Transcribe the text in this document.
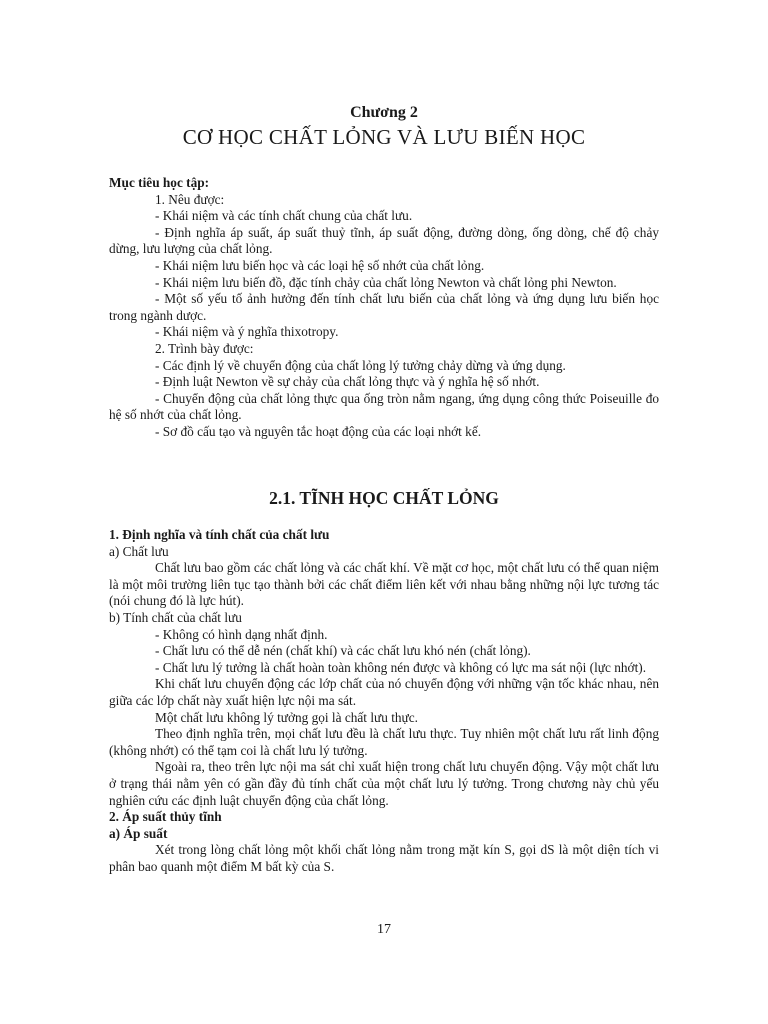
Chương 2
CƠ HỌC CHẤT LỎNG VÀ LƯU BIẾN HỌC

Mục tiêu học tập:

1. Nêu được:

- Khái niệm và các tính chất chung của chất lưu.

- Định nghĩa áp suất, áp suất thuỷ tĩnh, áp suất động, đường dòng, ống dòng, chế độ chảy dừng, lưu lượng của chất lỏng.

- Khái niệm lưu biến học và các loại hệ số nhớt của chất lỏng.

- Khái niệm lưu biến đồ, đặc tính chảy của chất lỏng Newton và chất lỏng phi Newton.

- Một số yếu tố ảnh hưởng đến tính chất lưu biến của chất lỏng và ứng dụng lưu biến học trong ngành dược.

- Khái niệm và ý nghĩa thixotropy.

2. Trình bày được:

- Các định lý về chuyển động của chất lỏng lý tưởng chảy dừng và ứng dụng.

- Định luật Newton về sự chảy của chất lỏng thực và ý nghĩa hệ số nhớt.

- Chuyển động của chất lỏng thực qua ống tròn nằm ngang, ứng dụng công thức Poiseuille đo hệ số nhớt của chất lỏng.

- Sơ đồ cấu tạo và nguyên tắc hoạt động của các loại nhớt kế.

2.1. TĨNH HỌC CHẤT LỎNG

1. Định nghĩa và tính chất của chất lưu

a) Chất lưu

Chất lưu bao gồm các chất lỏng và các chất khí. Về mặt cơ học, một chất lưu có thể quan niệm là một môi trường liên tục tạo thành bởi các chất điểm liên kết với nhau bằng những nội lực tương tác (nói chung đó là lực hút).

b) Tính chất của chất lưu

- Không có hình dạng nhất định.

- Chất lưu có thể dễ nén (chất khí) và các chất lưu khó nén (chất lỏng).

- Chất lưu lý tưởng là chất hoàn toàn không nén được và không có lực ma sát nội (lực nhớt).

Khi chất lưu chuyển động các lớp chất của nó chuyển động với những vận tốc khác nhau, nên giữa các lớp chất này xuất hiện lực nội ma sát.

Một chất lưu không lý tưởng gọi là chất lưu thực.

Theo định nghĩa trên, mọi chất lưu đều là chất lưu thực. Tuy nhiên một chất lưu rất linh động (không nhớt) có thể tạm coi là chất lưu lý tưởng.

Ngoài ra, theo trên lực nội ma sát chỉ xuất hiện trong chất lưu chuyển động. Vậy một chất lưu ở trạng thái nằm yên có gần đầy đủ tính chất của một chất lưu lý tưởng. Trong chương này chủ yếu nghiên cứu các định luật chuyển động của chất lỏng.

2. Áp suất thủy tĩnh

a) Áp suất

Xét trong lòng chất lỏng một khối chất lỏng nằm trong mặt kín S, gọi dS là một diện tích vi phân bao quanh một điểm M bất kỳ của S.

17
